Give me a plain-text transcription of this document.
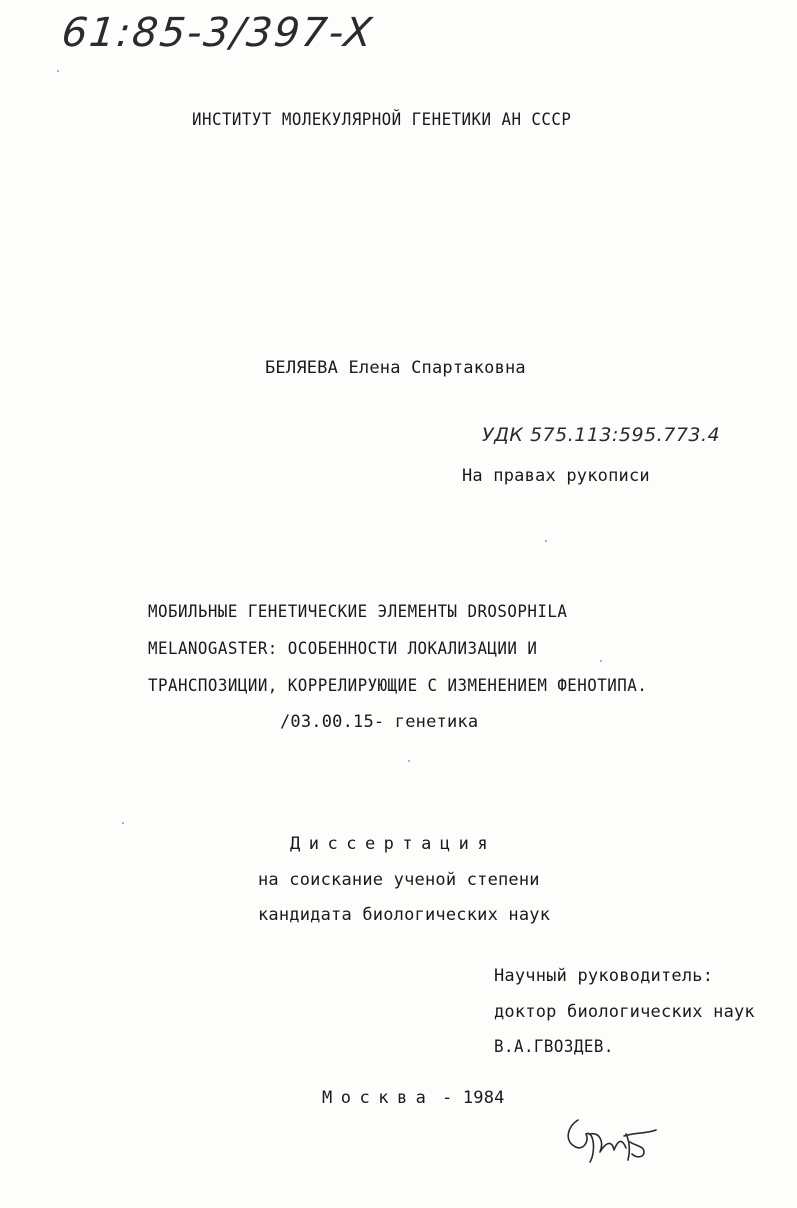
61:85-3/397-X
ИНСТИТУТ МОЛЕКУЛЯРНОЙ ГЕНЕТИКИ АН СССР
БЕЛЯЕВА Елена Спартаковна
УДК 575.113:595.773.4
На правах рукописи
МОБИЛЬНЫЕ ГЕНЕТИЧЕСКИЕ ЭЛЕМЕНТЫ DROSOPHILA
MELANOGASTER: ОСОБЕННОСТИ ЛОКАЛИЗАЦИИ И
ТРАНСПОЗИЦИИ, КОРРЕЛИРУЮЩИЕ С ИЗМЕНЕНИЕМ ФЕНОТИПА.
/03.00.15- генетика
Диссертация
на соискание ученой степени
кандидата биологических наук
Научный руководитель:
доктор биологических наук
В.А.ГВОЗДЕВ.
Москва - 1984
